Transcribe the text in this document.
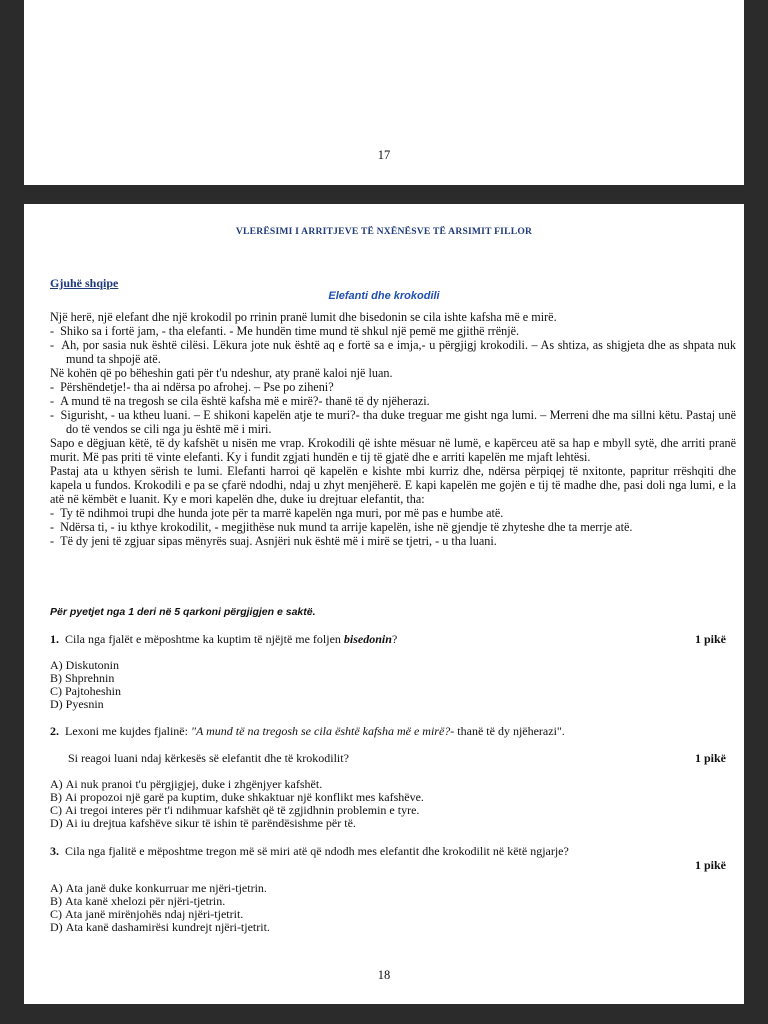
17
VLERËSIMI I ARRITJEVE TË NXËNËSVE TË ARSIMIT FILLOR
Gjuhë shqipe
Elefanti dhe krokodili

Një herë, një elefant dhe një krokodil po rrinin pranë lumit dhe bisedonin se cila ishte kafsha më e mirë.

-  Shiko sa i fortë jam, - tha elefanti. - Me hundën time mund të shkul një pemë me gjithë rrënjë.

-  Ah, por sasia nuk është cilësi. Lëkura jote nuk është aq e fortë sa e imja,- u përgjigj krokodili. – As shtiza, as shigjeta dhe as shpata nuk mund ta shpojë atë.

Në kohën që po bëheshin gati për t'u ndeshur, aty pranë kaloi një luan.

-  Përshëndetje!- tha ai ndërsa po afrohej. – Pse po ziheni?

-  A mund të na tregosh se cila është kafsha më e mirë?- thanë të dy njëherazi.

-  Sigurisht, - ua ktheu luani. – E shikoni kapelën atje te muri?- tha duke treguar me gisht nga lumi. – Merreni dhe ma sillni këtu. Pastaj unë do të vendos se cili nga ju është më i miri.

Sapo e dëgjuan këtë, të dy kafshët u nisën me vrap. Krokodili që ishte mësuar në lumë, e kapërceu atë sa hap e mbyll sytë, dhe arriti pranë murit. Më pas priti të vinte elefanti. Ky i fundit zgjati hundën e tij të gjatë dhe e arriti kapelën me mjaft lehtësi.

Pastaj ata u kthyen sërish te lumi. Elefanti harroi që kapelën e kishte mbi kurriz dhe, ndërsa përpiqej të nxitonte, papritur rrëshqiti dhe kapela u fundos. Krokodili e pa se çfarë ndodhi, ndaj u zhyt menjëherë. E kapi kapelën me gojën e tij të madhe dhe, pasi doli nga lumi, e la atë në këmbët e luanit. Ky e mori kapelën dhe, duke iu drejtuar elefantit, tha:

-  Ty të ndihmoi trupi dhe hunda jote për ta marrë kapelën nga muri, por më pas e humbe atë.

-  Ndërsa ti, - iu kthye krokodilit, - megjithëse nuk mund ta arrije kapelën, ishe në gjendje të zhyteshe dhe ta merrje atë.

-  Të dy jeni të zgjuar sipas mënyrës suaj. Asnjëri nuk është më i mirë se tjetri, - u tha luani.

Për pyetjet nga 1 deri në 5 qarkoni përgjigjen e saktë.
1. Cila nga fjalët e mëposhtme ka kuptim të njëjtë me foljen bisedonin?	1 pikë
A) Diskutonin
B) Shprehnin
C) Pajtoheshin
D) Pyesnin
2. Lexoni me kujdes fjalinë: "A mund të na tregosh se cila është kafsha më e mirë?- thanë të dy njëherazi".
Si reagoi luani ndaj kërkesës së elefantit dhe të krokodilit?	1 pikë
A) Ai nuk pranoi t'u përgjigjej, duke i zhgënjyer kafshët.
B) Ai propozoi një garë pa kuptim, duke shkaktuar një konflikt mes kafshëve.
C) Ai tregoi interes për t'i ndihmuar kafshët që të zgjidhnin problemin e tyre.
D) Ai iu drejtua kafshëve sikur të ishin të parëndësishme për të.
3. Cila nga fjalitë e mëposhtme tregon më së miri atë që ndodh mes elefantit dhe krokodilit në këtë ngjarje?
1 pikë
A) Ata janë duke konkurruar me njëri-tjetrin.
B) Ata kanë xhelozi për njëri-tjetrin.
C) Ata janë mirënjohës ndaj njëri-tjetrit.
D) Ata kanë dashamirësi kundrejt njëri-tjetrit.
18
